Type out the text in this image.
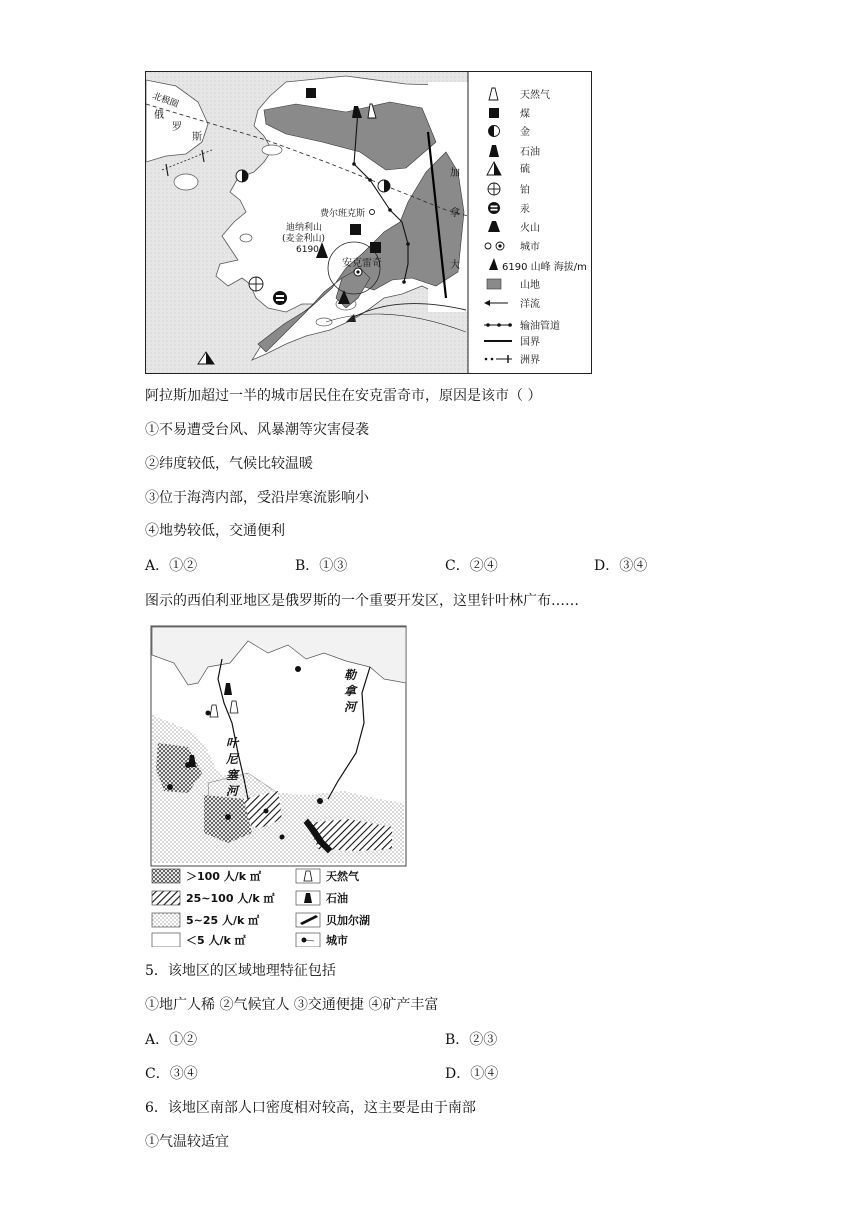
北极圈
俄
罗
斯
加
拿
大
费尔班克斯
迪纳利山
(麦金利山)
6190
安克雷奇
天然气
煤
金
石油
硫
铂
汞
火山
城市
6190 山峰 海拔/m
山地
洋流
输油管道
国界
洲界
阿拉斯加超过一半的城市居民住在安克雷奇市，原因是该市（ ）
①不易遭受台风、风暴潮等灾害侵袭
②纬度较低，气候比较温暖
③位于海湾内部，受沿岸寒流影响小
④地势较低，交通便利
A．①②	B．①③	C．②④	D．③④
图示的西伯利亚地区是俄罗斯的一个重要开发区，这里针叶林广布……
叶
尼
塞
河
勒
拿
河
＞100 人/k ㎡	天然气
25~100 人/k ㎡	石油
5~25 人/k ㎡	贝加尔湖
＜5 人/k ㎡	城市
5．该地区的区域地理特征包括
①地广人稀 ②气候宜人 ③交通便捷 ④矿产丰富
A．①②	B．②③
C．③④	D．①④
6．该地区南部人口密度相对较高，这主要是由于南部
①气温较适宜
